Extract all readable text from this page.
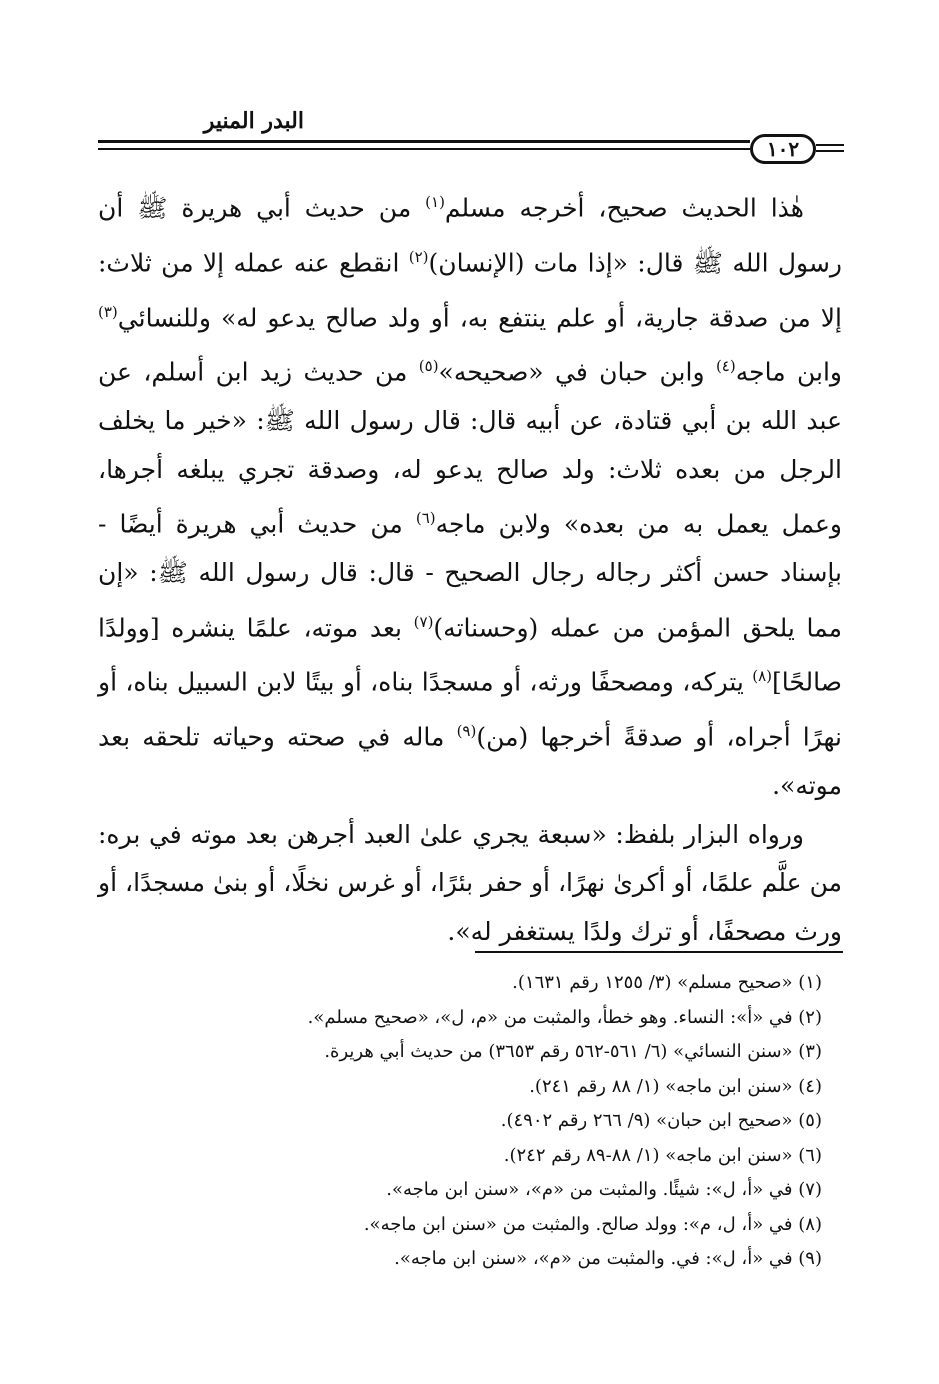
البدر المنير
١٠٢

هٰذا الحديث صحيح، أخرجه مسلم$^{(١)}$ من حديث أبي هريرة ﷺ أن رسول الله ﷺ قال: «إذا مات (الإنسان)$^{(٢)}$ انقطع عنه عمله إلا من ثلاث: إلا من صدقة جارية، أو علم ينتفع به، أو ولد صالح يدعو له» وللنسائي$^{(٣)}$ وابن ماجه$^{(٤)}$ وابن حبان في «صحيحه»$^{(٥)}$ من حديث زيد ابن أسلم، عن عبد الله بن أبي قتادة، عن أبيه قال: قال رسول الله ﷺ: «خير ما يخلف الرجل من بعده ثلاث: ولد صالح يدعو له، وصدقة تجري يبلغه أجرها، وعمل يعمل به من بعده» ولابن ماجه$^{(٦)}$ من حديث أبي هريرة أيضًا - بإسناد حسن أكثر رجاله رجال الصحيح - قال: قال رسول الله ﷺ: «إن مما يلحق المؤمن من عمله (وحسناته)$^{(٧)}$ بعد موته، علمًا ينشره [وولدًا صالحًا]$^{(٨)}$ يتركه، ومصحفًا ورثه، أو مسجدًا بناه، أو بيتًا لابن السبيل بناه، أو نهرًا أجراه، أو صدقةً أخرجها (من)$^{(٩)}$ ماله في صحته وحياته تلحقه بعد موته».

ورواه البزار بلفظ: «سبعة يجري علىٰ العبد أجرهن بعد موته في بره: من علَّم علمًا، أو أكرىٰ نهرًا، أو حفر بئرًا، أو غرس نخلًا، أو بنىٰ مسجدًا، أو ورث مصحفًا، أو ترك ولدًا يستغفر له».

(١) «صحيح مسلم» (٣/ ١٢٥٥ رقم ١٦٣١).
(٢) في «أ»: النساء. وهو خطأ، والمثبت من «م، ل»، «صحيح مسلم».
(٣) «سنن النسائي» (٦/ ٥٦١-٥٦٢ رقم ٣٦٥٣) من حديث أبي هريرة.
(٤) «سنن ابن ماجه» (١/ ٨٨ رقم ٢٤١).
(٥) «صحيح ابن حبان» (٩/ ٢٦٦ رقم ٤٩٠٢).
(٦) «سنن ابن ماجه» (١/ ٨٨-٨٩ رقم ٢٤٢).
(٧) في «أ، ل»: شيئًا. والمثبت من «م»، «سنن ابن ماجه».
(٨) في «أ، ل، م»: وولد صالح. والمثبت من «سنن ابن ماجه».
(٩) في «أ، ل»: في. والمثبت من «م»، «سنن ابن ماجه».
